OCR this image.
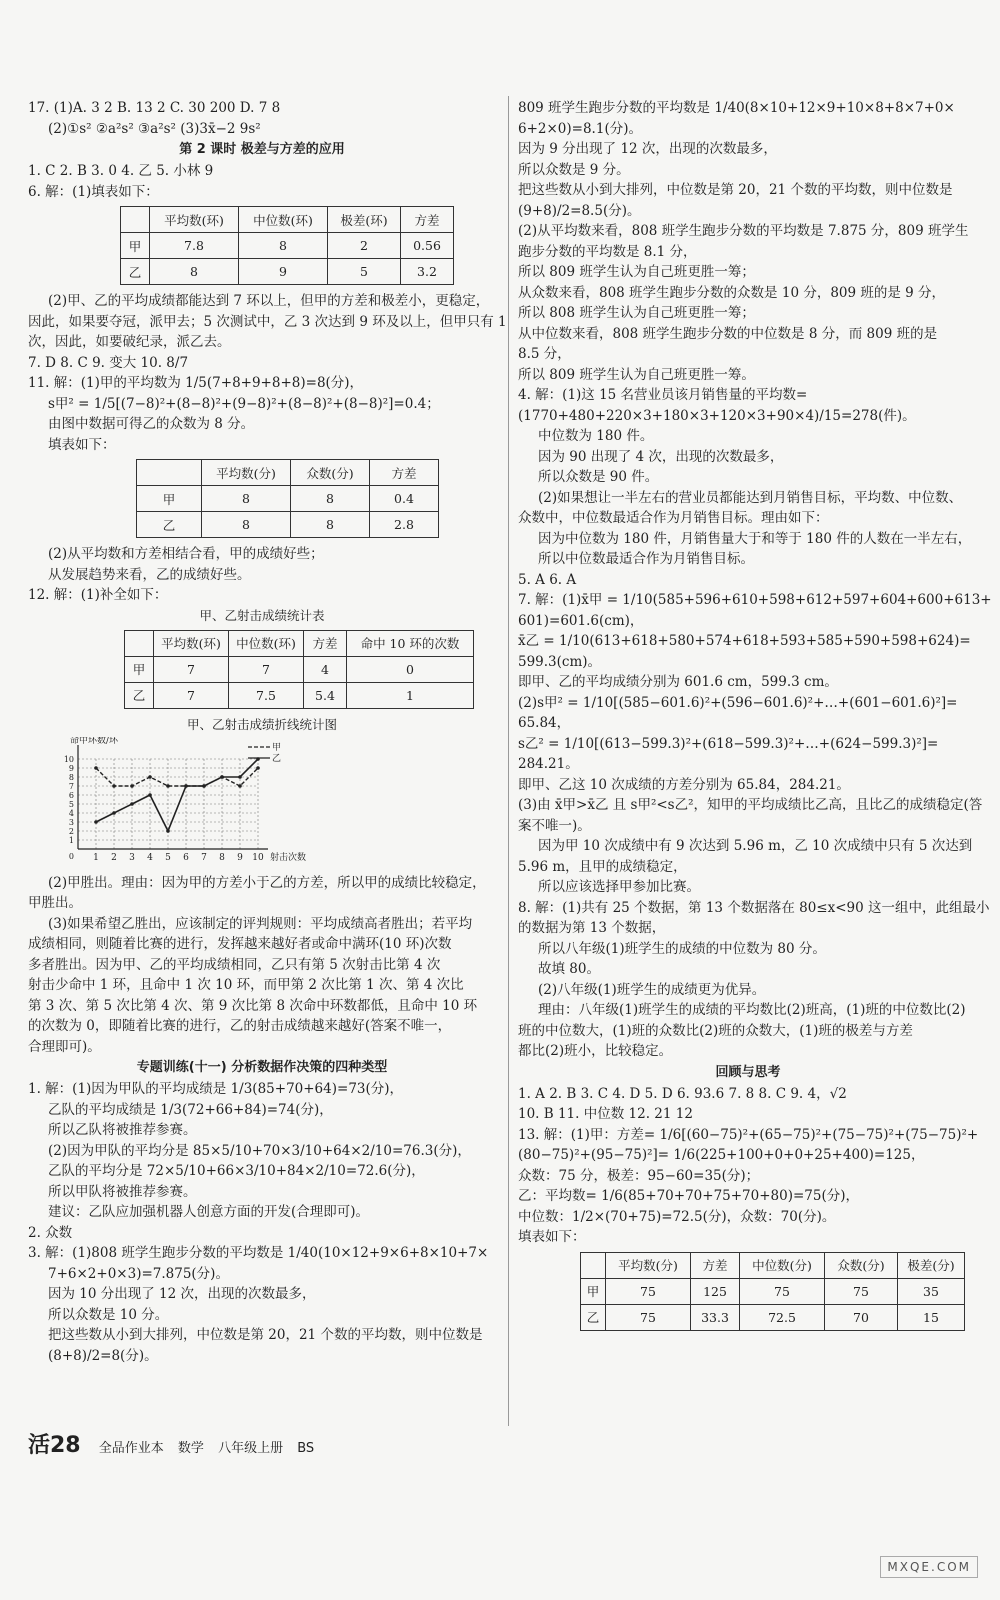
17. (1)A. 3 2 B. 13 2 C. 30 200 D. 7 8
(2)①s² ②a²s² ③a²s² (3)3x̄−2 9s²
第 2 课时 极差与方差的应用
1. C 2. B 3. 0 4. 乙 5. 小林 9
6. 解：(1)填表如下：
	平均数(环)	中位数(环)	极差(环)	方差
甲	7.8	8	2	0.56
乙	8	9	5	3.2
(2)甲、乙的平均成绩都能达到 7 环以上，但甲的方差和极差小，更稳定，
因此，如果要夺冠，派甲去；5 次测试中，乙 3 次达到 9 环及以上，但甲只有 1
次，因此，如要破纪录，派乙去。
7. D 8. C 9. 变大 10. 8/7
11. 解：(1)甲的平均数为 1/5(7+8+9+8+8)=8(分)，
s甲² = 1/5[(7−8)²+(8−8)²+(9−8)²+(8−8)²+(8−8)²]=0.4；
由图中数据可得乙的众数为 8 分。
填表如下：
	平均数(分)	众数(分)	方差
甲	8	8	0.4
乙	8	8	2.8
(2)从平均数和方差相结合看，甲的成绩好些；
从发展趋势来看，乙的成绩好些。
12. 解：(1)补全如下：
甲、乙射击成绩统计表
	平均数(环)	中位数(环)	方差	命中 10 环的次数
甲	7	7	4	0
乙	7	7.5	5.4	1
甲、乙射击成绩折线统计图
1 2 3 4 5 6 7 8 9 10
1
2
3
4
5
6
7
8
9
10
0
命中环数/环
射击次数
甲
乙
(2)甲胜出。理由：因为甲的方差小于乙的方差，所以甲的成绩比较稳定，
甲胜出。
(3)如果希望乙胜出，应该制定的评判规则：平均成绩高者胜出；若平均
成绩相同，则随着比赛的进行，发挥越来越好者或命中满环(10 环)次数
多者胜出。因为甲、乙的平均成绩相同，乙只有第 5 次射击比第 4 次
射击少命中 1 环，且命中 1 次 10 环，而甲第 2 次比第 1 次、第 4 次比
第 3 次、第 5 次比第 4 次、第 9 次比第 8 次命中环数都低，且命中 10 环
的次数为 0，即随着比赛的进行，乙的射击成绩越来越好(答案不唯一，
合理即可)。
专题训练(十一) 分析数据作决策的四种类型
1. 解：(1)因为甲队的平均成绩是 1/3(85+70+64)=73(分)，
乙队的平均成绩是 1/3(72+66+84)=74(分)，
所以乙队将被推荐参赛。
(2)因为甲队的平均分是 85×5/10+70×3/10+64×2/10=76.3(分)，
乙队的平均分是 72×5/10+66×3/10+84×2/10=72.6(分)，
所以甲队将被推荐参赛。
建议：乙队应加强机器人创意方面的开发(合理即可)。
2. 众数
3. 解：(1)808 班学生跑步分数的平均数是 1/40(10×12+9×6+8×10+7×
7+6×2+0×3)=7.875(分)。
因为 10 分出现了 12 次，出现的次数最多，
所以众数是 10 分。
把这些数从小到大排列，中位数是第 20，21 个数的平均数，则中位数是
(8+8)/2=8(分)。
809 班学生跑步分数的平均数是 1/40(8×10+12×9+10×8+8×7+0×
6+2×0)=8.1(分)。
因为 9 分出现了 12 次，出现的次数最多，
所以众数是 9 分。
把这些数从小到大排列，中位数是第 20，21 个数的平均数，则中位数是
(9+8)/2=8.5(分)。
(2)从平均数来看，808 班学生跑步分数的平均数是 7.875 分，809 班学生
跑步分数的平均数是 8.1 分，
所以 809 班学生认为自己班更胜一筹；
从众数来看，808 班学生跑步分数的众数是 10 分，809 班的是 9 分，
所以 808 班学生认为自己班更胜一筹；
从中位数来看，808 班学生跑步分数的中位数是 8 分，而 809 班的是
8.5 分，
所以 809 班学生认为自己班更胜一筹。
4. 解：(1)这 15 名营业员该月销售量的平均数=
(1770+480+220×3+180×3+120×3+90×4)/15=278(件)。
中位数为 180 件。
因为 90 出现了 4 次，出现的次数最多，
所以众数是 90 件。
(2)如果想让一半左右的营业员都能达到月销售目标，平均数、中位数、
众数中，中位数最适合作为月销售目标。理由如下：
因为中位数为 180 件，月销售量大于和等于 180 件的人数在一半左右，
所以中位数最适合作为月销售目标。
5. A 6. A
7. 解：(1)x̄甲 = 1/10(585+596+610+598+612+597+604+600+613+
601)=601.6(cm)，
x̄乙 = 1/10(613+618+580+574+618+593+585+590+598+624)=
599.3(cm)。
即甲、乙的平均成绩分别为 601.6 cm，599.3 cm。
(2)s甲² = 1/10[(585−601.6)²+(596−601.6)²+…+(601−601.6)²]=
65.84，
s乙² = 1/10[(613−599.3)²+(618−599.3)²+…+(624−599.3)²]=
284.21。
即甲、乙这 10 次成绩的方差分别为 65.84，284.21。
(3)由 x̄甲>x̄乙 且 s甲²<s乙²，知甲的平均成绩比乙高，且比乙的成绩稳定(答
案不唯一)。
因为甲 10 次成绩中有 9 次达到 5.96 m，乙 10 次成绩中只有 5 次达到
5.96 m，且甲的成绩稳定，
所以应该选择甲参加比赛。
8. 解：(1)共有 25 个数据，第 13 个数据落在 80≤x<90 这一组中，此组最小
的数据为第 13 个数据，
所以八年级(1)班学生的成绩的中位数为 80 分。
故填 80。
(2)八年级(1)班学生的成绩更为优异。
理由：八年级(1)班学生的成绩的平均数比(2)班高，(1)班的中位数比(2)
班的中位数大，(1)班的众数比(2)班的众数大，(1)班的极差与方差
都比(2)班小，比较稳定。
回顾与思考
1. A 2. B 3. C 4. D 5. D 6. 93.6 7. 8 8. C 9. 4，√2
10. B 11. 中位数 12. 21 12
13. 解：(1)甲：方差= 1/6[(60−75)²+(65−75)²+(75−75)²+(75−75)²+
(80−75)²+(95−75)²]= 1/6(225+100+0+0+25+400)=125，
众数：75 分，极差：95−60=35(分)；
乙：平均数= 1/6(85+70+70+75+70+80)=75(分)，
中位数：1/2×(70+75)=72.5(分)，众数：70(分)。
填表如下：
	平均数(分)	方差	中位数(分)	众数(分)	极差(分)
甲	75	125	75	75	35
乙	75	33.3	72.5	70	15
活28 全品作业本 数学 八年级上册 BS
MXQE.COM
